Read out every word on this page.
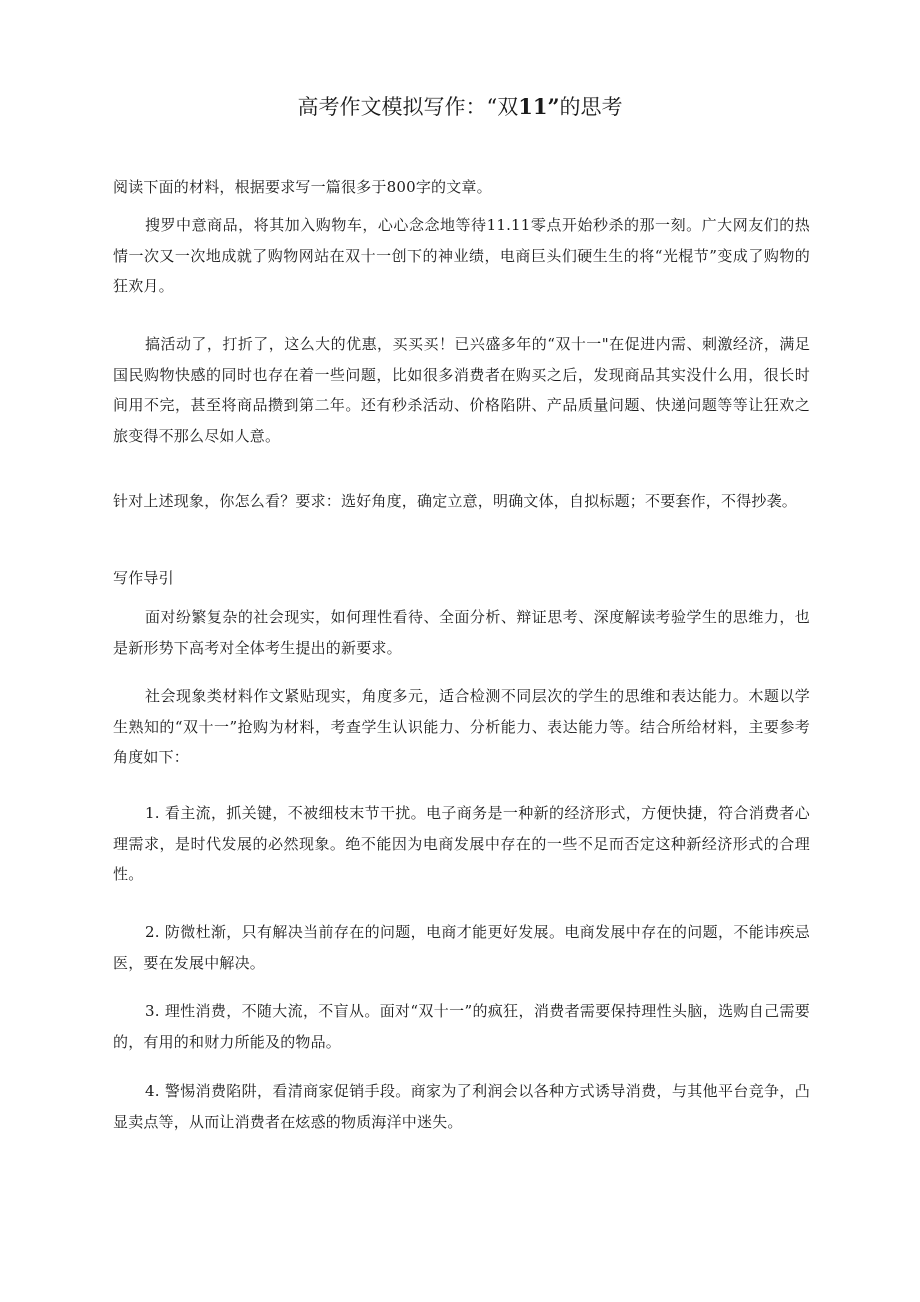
高考作文模拟写作：“双11”的思考

阅读下面的材料，根据要求写一篇很多于800字的文章。

搜罗中意商品，将其加入购物车，心心念念地等待11.11零点开始秒杀的那一刻。广大网友们的热情一次又一次地成就了购物网站在双十一创下的神业绩，电商巨头们硬生生的将“光棍节”变成了购物的狂欢月。

搞活动了，打折了，这么大的优惠，买买买！已兴盛多年的“双十一"在促进内需、刺激经济，满足国民购物快感的同时也存在着一些问题，比如很多消费者在购买之后，发现商品其实没什么用，很长时间用不完，甚至将商品攒到第二年。还有秒杀活动、价格陷阱、产品质量问题、快递问题等等让狂欢之旅变得不那么尽如人意。

针对上述现象，你怎么看？要求：选好角度，确定立意，明确文体，自拟标题；不要套作，不得抄袭。

写作导引

面对纷繁复杂的社会现实，如何理性看待、全面分析、辩证思考、深度解读考验学生的思维力，也是新形势下高考对全体考生提出的新要求。

社会现象类材料作文紧贴现实，角度多元，适合检测不同层次的学生的思维和表达能力。木题以学生熟知的“双十一”抢购为材料，考查学生认识能力、分析能力、表达能力等。结合所给材料，主要参考角度如下：

1. 看主流，抓关键，不被细枝末节干扰。电子商务是一种新的经济形式，方便快捷，符合消费者心理需求，是时代发展的必然现象。绝不能因为电商发展中存在的一些不足而否定这种新经济形式的合理性。

2. 防微杜渐，只有解决当前存在的问题，电商才能更好发展。电商发展中存在的问题，不能讳疾忌医，要在发展中解决。

3. 理性消费，不随大流，不盲从。面对“双十一”的疯狂，消费者需要保持理性头脑，选购自己需要的，有用的和财力所能及的物品。

4. 警惕消费陷阱，看清商家促销手段。商家为了利润会以各种方式诱导消费，与其他平台竞争，凸显卖点等，从而让消费者在炫惑的物质海洋中迷失。
